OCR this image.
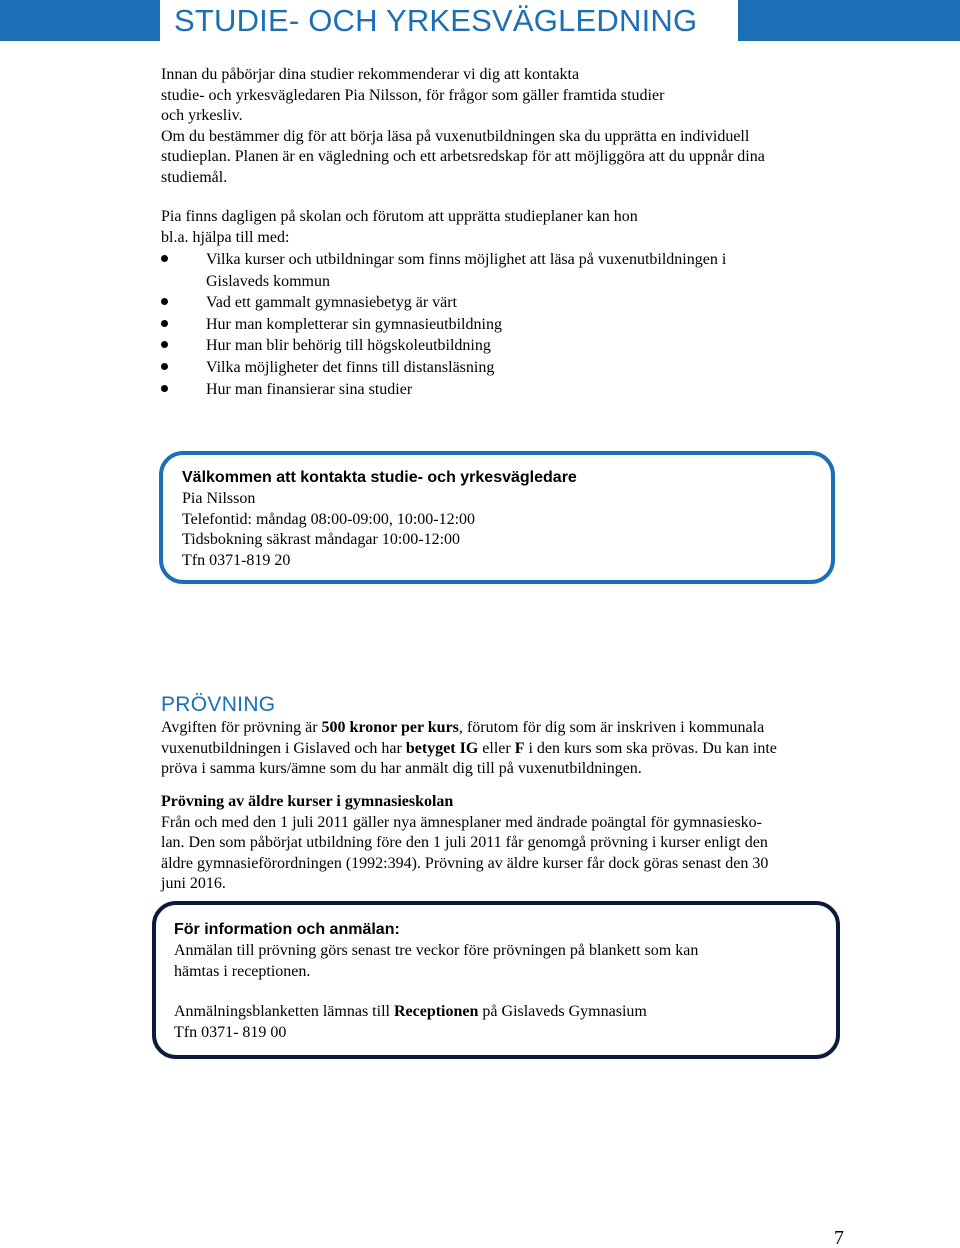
STUDIE- OCH YRKESVÄGLEDNING
Innan du påbörjar dina studier rekommenderar vi dig att kontakta
studie- och yrkesvägledaren Pia Nilsson, för frågor som gäller framtida studier
och yrkesliv.
Om du bestämmer dig för att börja läsa på vuxenutbildningen ska du upprätta en individuell
studieplan. Planen är en vägledning och ett arbetsredskap för att möjliggöra att du uppnår dina
studiemål.
Pia finns dagligen på skolan och förutom att upprätta studieplaner kan hon
bl.a. hjälpa till med:
Vilka kurser och utbildningar som finns möjlighet att läsa på vuxenutbildningen i
Gislaveds kommun
Vad ett gammalt gymnasiebetyg är värt
Hur man kompletterar sin gymnasieutbildning
Hur man blir behörig till högskoleutbildning
Vilka möjligheter det finns till distansläsning
Hur man finansierar sina studier
Välkommen att kontakta studie- och yrkesvägledare
Pia Nilsson
Telefontid: måndag 08:00-09:00, 10:00-12:00
Tidsbokning säkrast måndagar 10:00-12:00
Tfn 0371-819 20
PRÖVNING
Avgiften för prövning är 500 kronor per kurs, förutom för dig som är inskriven i kommunala
vuxenutbildningen i Gislaved och har betyget IG eller F i den kurs som ska prövas. Du kan inte
pröva i samma kurs/ämne som du har anmält dig till på vuxenutbildningen.
Prövning av äldre kurser i gymnasieskolan
Från och med den 1 juli 2011 gäller nya ämnesplaner med ändrade poängtal för gymnasiesko-
lan. Den som påbörjat utbildning före den 1 juli 2011 får genomgå prövning i kurser enligt den
äldre gymnasieförordningen (1992:394). Prövning av äldre kurser får dock göras senast den 30
juni 2016.
För information och anmälan:
Anmälan till prövning görs senast tre veckor före prövningen på blankett som kan
hämtas i receptionen.
Anmälningsblanketten lämnas till Receptionen på Gislaveds Gymnasium
Tfn 0371- 819 00
7
